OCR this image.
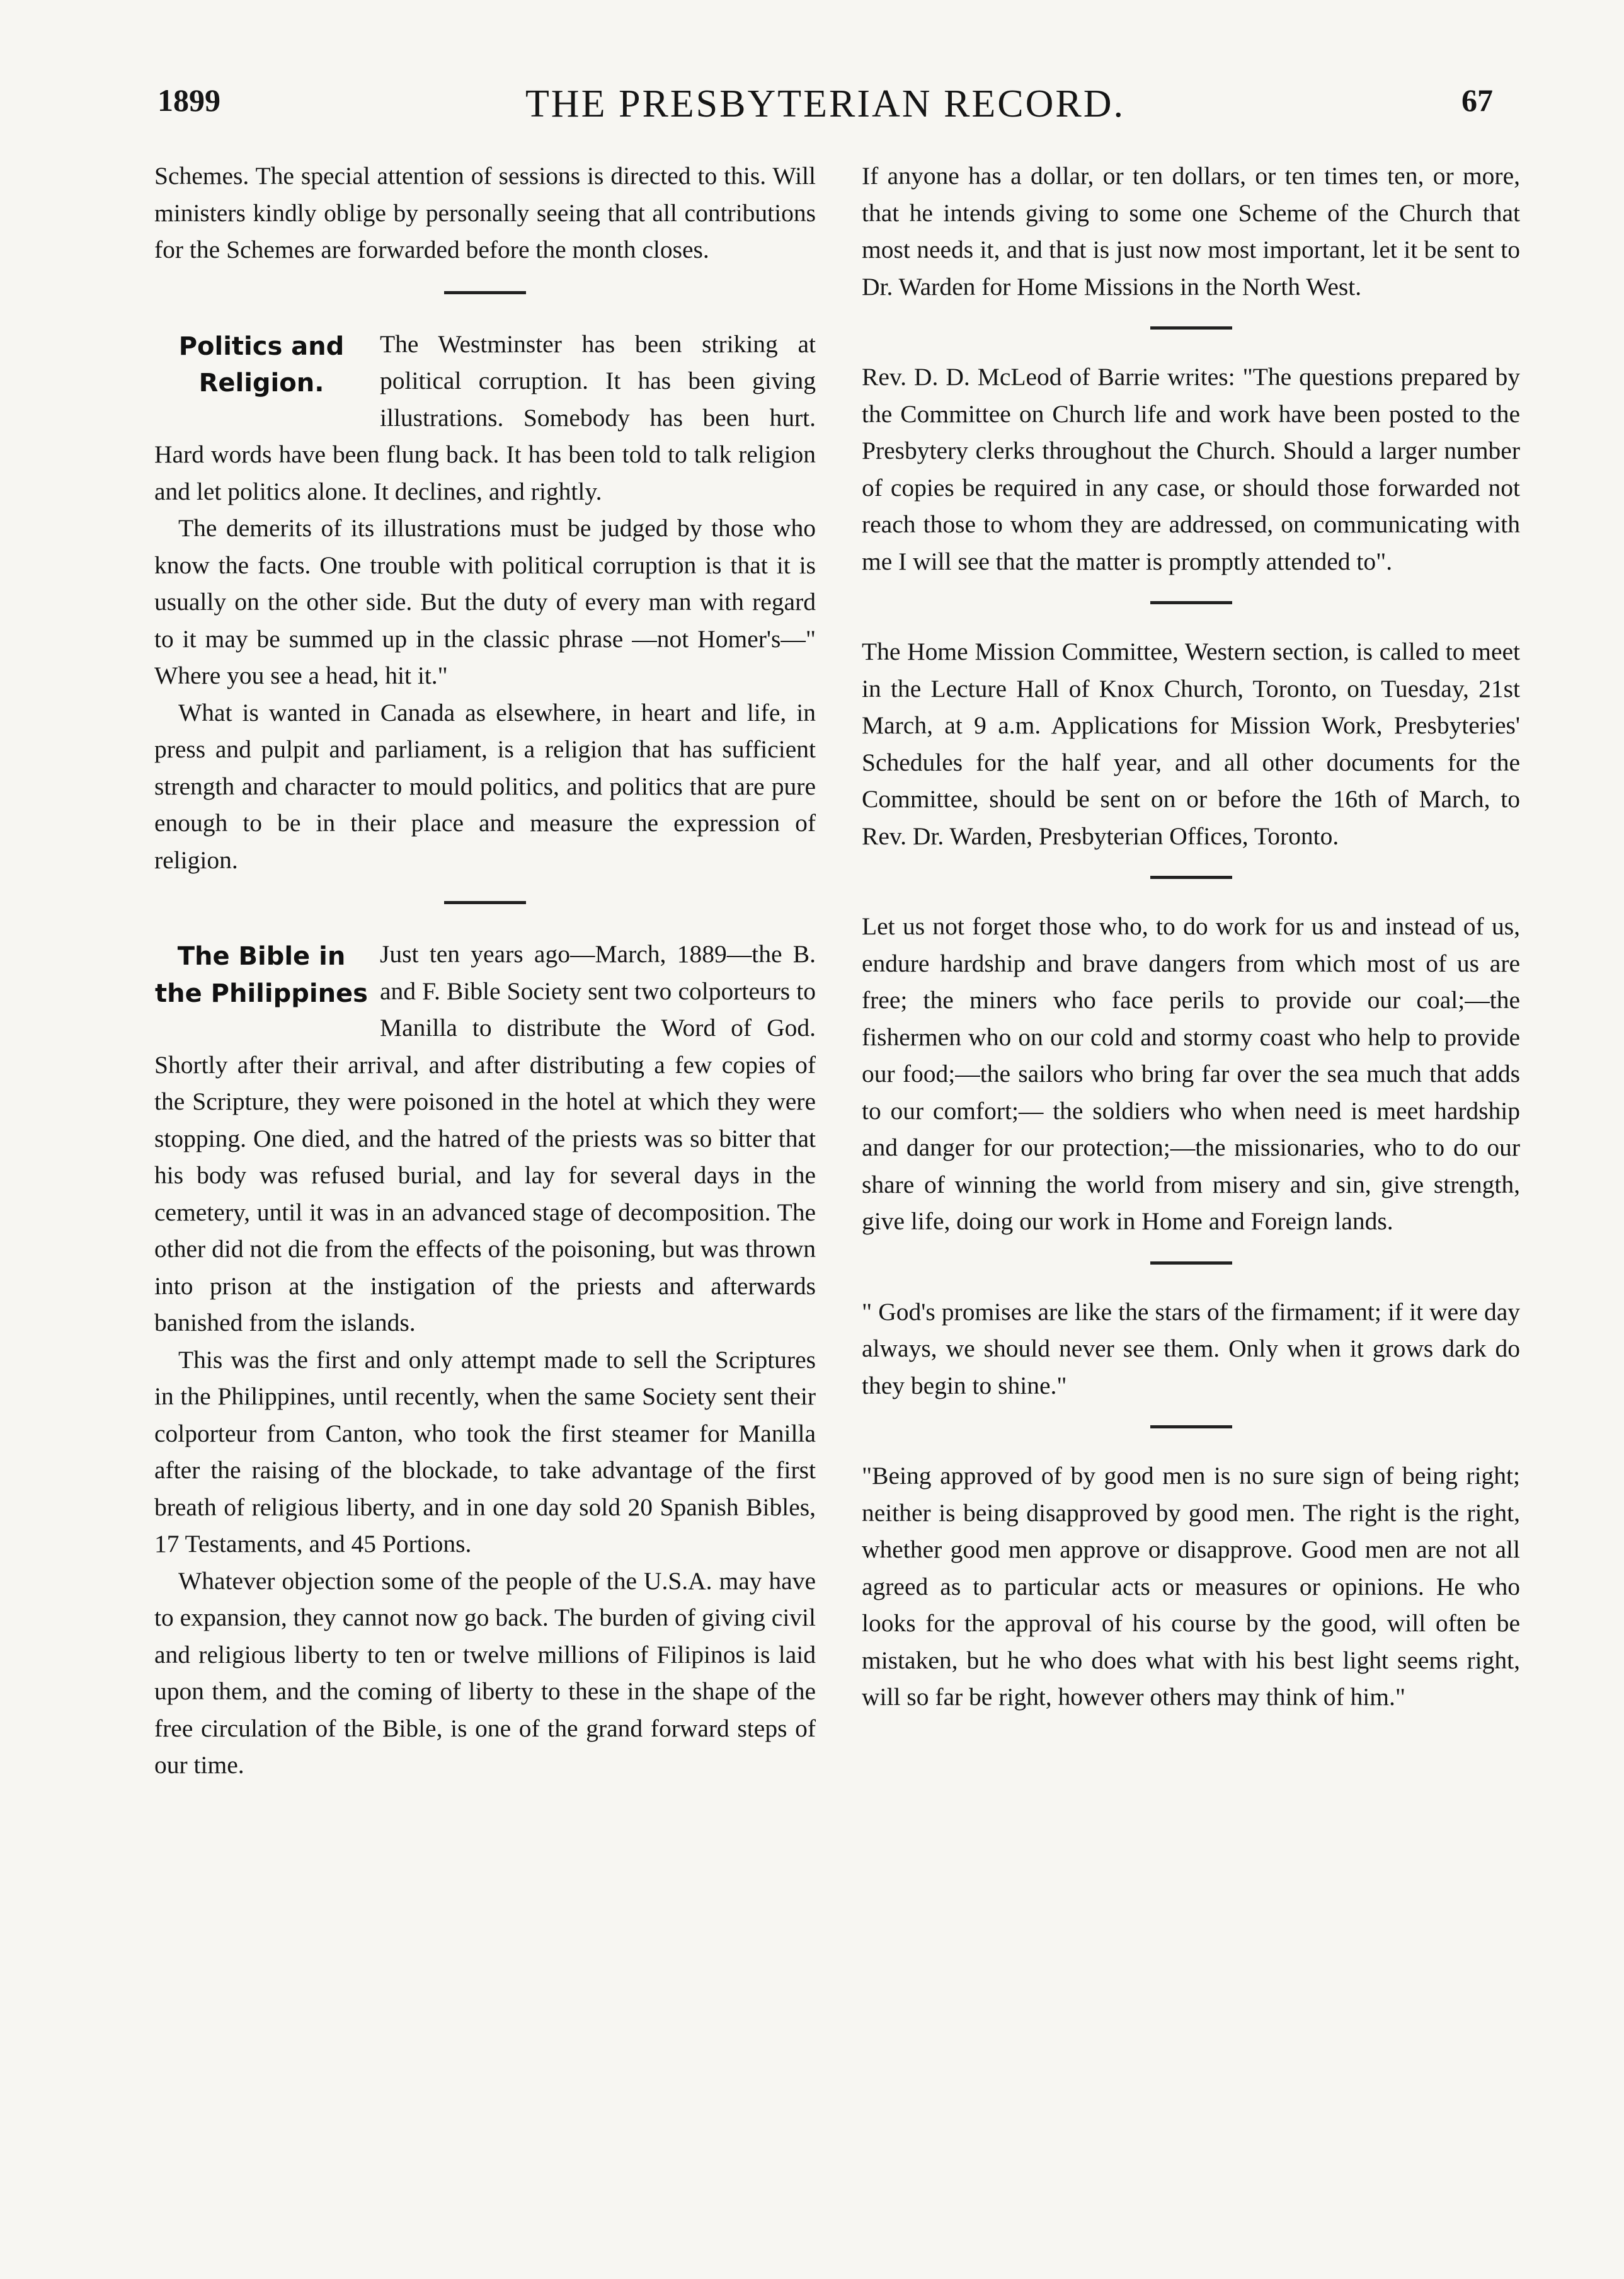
1899	THE PRESBYTERIAN RECORD.	67

Schemes. The special attention of sessions is directed to this. Will ministers kindly oblige by personally seeing that all contributions for the Schemes are forwarded before the month closes.

Politics and
Religion.

The Westminster has been striking at political corruption. It has been giving illustrations. Somebody has been hurt. Hard words have been flung back. It has been told to talk religion and let politics alone. It declines, and rightly.

The demerits of its illustrations must be judged by those who know the facts. One trouble with political corruption is that it is usually on the other side. But the duty of every man with regard to it may be summed up in the classic phrase —not Homer's—" Where you see a head, hit it."

What is wanted in Canada as elsewhere, in heart and life, in press and pulpit and parliament, is a religion that has sufficient strength and character to mould politics, and politics that are pure enough to be in their place and measure the expression of religion.

The Bible in
the Philippines

Just ten years ago—March, 1889—the B. and F. Bible Society sent two colporteurs to Manilla to distribute the Word of God. Shortly after their arrival, and after distributing a few copies of the Scripture, they were poisoned in the hotel at which they were stopping. One died, and the hatred of the priests was so bitter that his body was refused burial, and lay for several days in the cemetery, until it was in an advanced stage of decomposition. The other did not die from the effects of the poisoning, but was thrown into prison at the instigation of the priests and afterwards banished from the islands.

This was the first and only attempt made to sell the Scriptures in the Philippines, until recently, when the same Society sent their colporteur from Canton, who took the first steamer for Manilla after the raising of the blockade, to take advantage of the first breath of religious liberty, and in one day sold 20 Spanish Bibles, 17 Testaments, and 45 Portions.

Whatever objection some of the people of the U.S.A. may have to expansion, they cannot now go back. The burden of giving civil and religious liberty to ten or twelve millions of Filipinos is laid upon them, and the coming of liberty to these in the shape of the free circulation of the Bible, is one of the grand forward steps of our time.

If anyone has a dollar, or ten dollars, or ten times ten, or more, that he intends giving to some one Scheme of the Church that most needs it, and that is just now most important, let it be sent to Dr. Warden for Home Missions in the North West.

Rev. D. D. McLeod of Barrie writes: "The questions prepared by the Committee on Church life and work have been posted to the Presbytery clerks throughout the Church. Should a larger number of copies be required in any case, or should those forwarded not reach those to whom they are addressed, on communicating with me I will see that the matter is promptly attended to".

The Home Mission Committee, Western section, is called to meet in the Lecture Hall of Knox Church, Toronto, on Tuesday, 21st March, at 9 a.m. Applications for Mission Work, Presbyteries' Schedules for the half year, and all other documents for the Committee, should be sent on or before the 16th of March, to Rev. Dr. Warden, Presbyterian Offices, Toronto.

Let us not forget those who, to do work for us and instead of us, endure hardship and brave dangers from which most of us are free; the miners who face perils to provide our coal;—the fishermen who on our cold and stormy coast who help to provide our food;—the sailors who bring far over the sea much that adds to our comfort;— the soldiers who when need is meet hardship and danger for our protection;—the missionaries, who to do our share of winning the world from misery and sin, give strength, give life, doing our work in Home and Foreign lands.

" God's promises are like the stars of the firmament; if it were day always, we should never see them. Only when it grows dark do they begin to shine."

"Being approved of by good men is no sure sign of being right; neither is being disapproved by good men. The right is the right, whether good men approve or disapprove. Good men are not all agreed as to particular acts or measures or opinions. He who looks for the approval of his course by the good, will often be mistaken, but he who does what with his best light seems right, will so far be right, however others may think of him."
